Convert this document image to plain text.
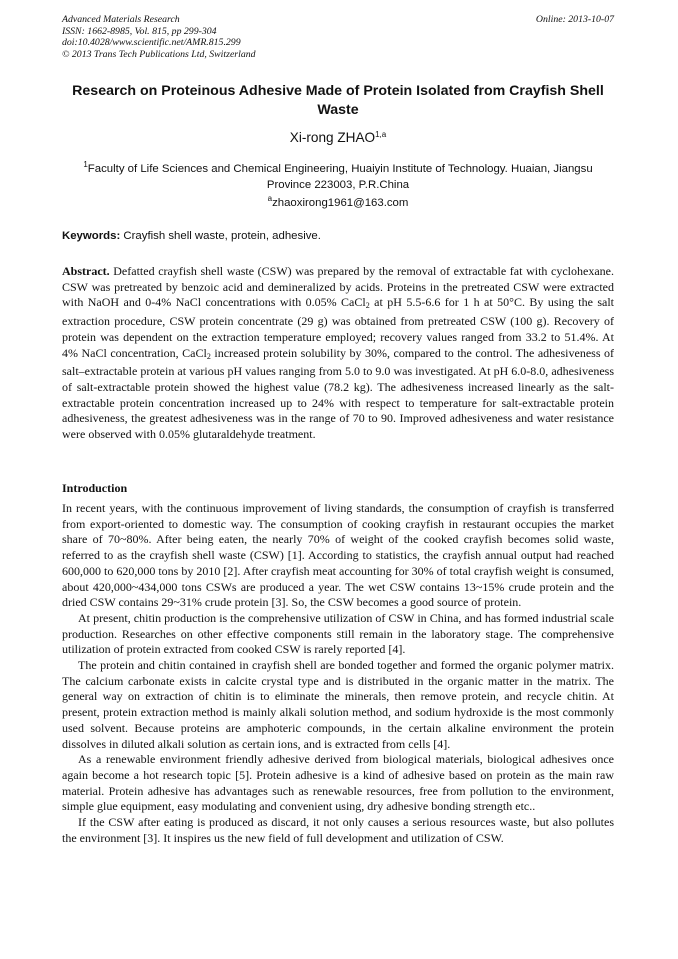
Advanced Materials Research
ISSN: 1662-8985, Vol. 815, pp 299-304
doi:10.4028/www.scientific.net/AMR.815.299
© 2013 Trans Tech Publications Ltd, Switzerland
Online: 2013-10-07
Research on Proteinous Adhesive Made of Protein Isolated from Crayfish Shell Waste
Xi-rong ZHAO$^{1,a}$
$^1$Faculty of Life Sciences and Chemical Engineering, Huaiyin Institute of Technology. Huaian, Jiangsu Province 223003, P.R.China
$^a$zhaoxirong1961@163.com
Keywords: Crayfish shell waste, protein, adhesive.

Abstract. Defatted crayfish shell waste (CSW) was prepared by the removal of extractable fat with cyclohexane. CSW was pretreated by benzoic acid and demineralized by acids. Proteins in the pretreated CSW were extracted with NaOH and 0-4% NaCl concentrations with 0.05% CaCl$_2$ at pH 5.5-6.6 for 1 h at 50°C. By using the salt extraction procedure, CSW protein concentrate (29 g) was obtained from pretreated CSW (100 g). Recovery of protein was dependent on the extraction temperature employed; recovery values ranged from 33.2 to 51.4%. At 4% NaCl concentration, CaCl$_2$ increased protein solubility by 30%, compared to the control. The adhesiveness of salt–extractable protein at various pH values ranging from 5.0 to 9.0 was investigated. At pH 6.0-8.0, adhesiveness of salt-extractable protein showed the highest value (78.2 kg). The adhesiveness increased linearly as the salt-extractable protein concentration increased up to 24% with respect to temperature for salt-extractable protein adhesiveness, the greatest adhesiveness was in the range of 70 to 90. Improved adhesiveness and water resistance were observed with 0.05% glutaraldehyde treatment.

Introduction

In recent years, with the continuous improvement of living standards, the consumption of crayfish is transferred from export-oriented to domestic way. The consumption of cooking crayfish in restaurant occupies the market share of 70~80%. After being eaten, the nearly 70% of weight of the cooked crayfish becomes solid waste, referred to as the crayfish shell waste (CSW) [1]. According to statistics, the crayfish annual output had reached 600,000 to 620,000 tons by 2010 [2]. After crayfish meat accounting for 30% of total crayfish weight is consumed, about 420,000~434,000 tons CSWs are produced a year. The wet CSW contains 13~15% crude protein and the dried CSW contains 29~31% crude protein [3]. So, the CSW becomes a good source of protein.

At present, chitin production is the comprehensive utilization of CSW in China, and has formed industrial scale production. Researches on other effective components still remain in the laboratory stage. The comprehensive utilization of protein extracted from cooked CSW is rarely reported [4].

The protein and chitin contained in crayfish shell are bonded together and formed the organic polymer matrix. The calcium carbonate exists in calcite crystal type and is distributed in the organic matter in the matrix. The general way on extraction of chitin is to eliminate the minerals, then remove protein, and recycle chitin. At present, protein extraction method is mainly alkali solution method, and sodium hydroxide is the most commonly used solvent. Because proteins are amphoteric compounds, in the certain alkaline environment the protein dissolves in diluted alkali solution as certain ions, and is extracted from cells [4].

As a renewable environment friendly adhesive derived from biological materials, biological adhesives once again become a hot research topic [5]. Protein adhesive is a kind of adhesive based on protein as the main raw material. Protein adhesive has advantages such as renewable resources, free from pollution to the environment, simple glue equipment, easy modulating and convenient using, dry adhesive bonding strength etc..

If the CSW after eating is produced as discard, it not only causes a serious resources waste, but also pollutes the environment [3]. It inspires us the new field of full development and utilization of CSW.
